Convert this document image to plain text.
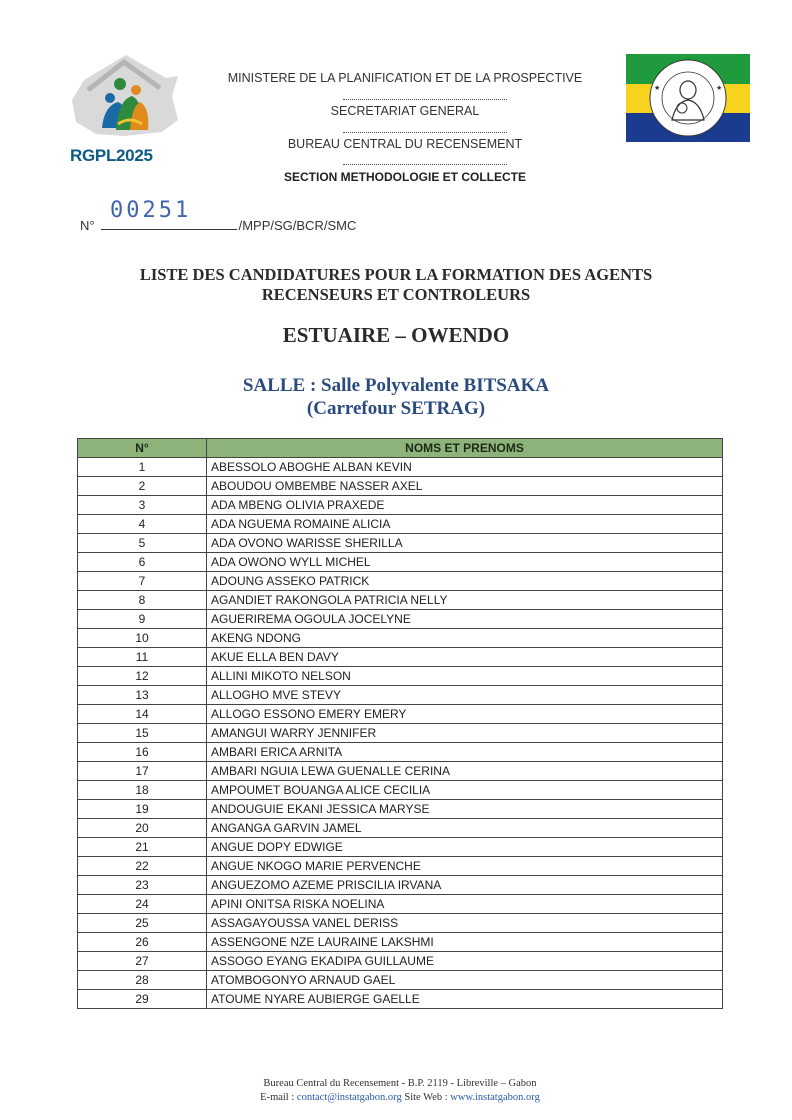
RGPL2025
MINISTERE DE LA PLANIFICATION ET DE LA PROSPECTIVE
SECRETARIAT GENERAL
BUREAU CENTRAL DU RECENSEMENT
SECTION METHODOLOGIE ET COLLECTE
★	★
00251
N°	/MPP/SG/BCR/SMC
LISTE DES CANDIDATURES POUR LA FORMATION DES AGENTS
RECENSEURS ET CONTROLEURS
ESTUAIRE – OWENDO
SALLE : Salle Polyvalente BITSAKA
(Carrefour SETRAG)
N°	NOMS ET PRENOMS
1	ABESSOLO ABOGHE ALBAN KEVIN
2	ABOUDOU OMBEMBE NASSER AXEL
3	ADA MBENG OLIVIA PRAXEDE
4	ADA NGUEMA ROMAINE ALICIA
5	ADA OVONO WARISSE SHERILLA
6	ADA OWONO WYLL MICHEL
7	ADOUNG ASSEKO PATRICK
8	AGANDIET RAKONGOLA PATRICIA NELLY
9	AGUERIREMA OGOULA JOCELYNE
10	AKENG NDONG
11	AKUE ELLA BEN DAVY
12	ALLINI MIKOTO NELSON
13	ALLOGHO MVE STEVY
14	ALLOGO ESSONO EMERY EMERY
15	AMANGUI WARRY JENNIFER
16	AMBARI ERICA ARNITA
17	AMBARI NGUIA LEWA GUENALLE CERINA
18	AMPOUMET BOUANGA ALICE CECILIA
19	ANDOUGUIE EKANI JESSICA MARYSE
20	ANGANGA GARVIN JAMEL
21	ANGUE DOPY EDWIGE
22	ANGUE NKOGO MARIE PERVENCHE
23	ANGUEZOMO AZEME PRISCILIA IRVANA
24	APINI ONITSA RISKA NOELINA
25	ASSAGAYOUSSA VANEL DERISS
26	ASSENGONE NZE LAURAINE LAKSHMI
27	ASSOGO EYANG EKADIPA GUILLAUME
28	ATOMBOGONYO ARNAUD GAEL
29	ATOUME NYARE AUBIERGE GAELLE
Bureau Central du Recensement - B.P. 2119 - Libreville – Gabon
E-mail : contact@instatgabon.org Site Web : www.instatgabon.org
